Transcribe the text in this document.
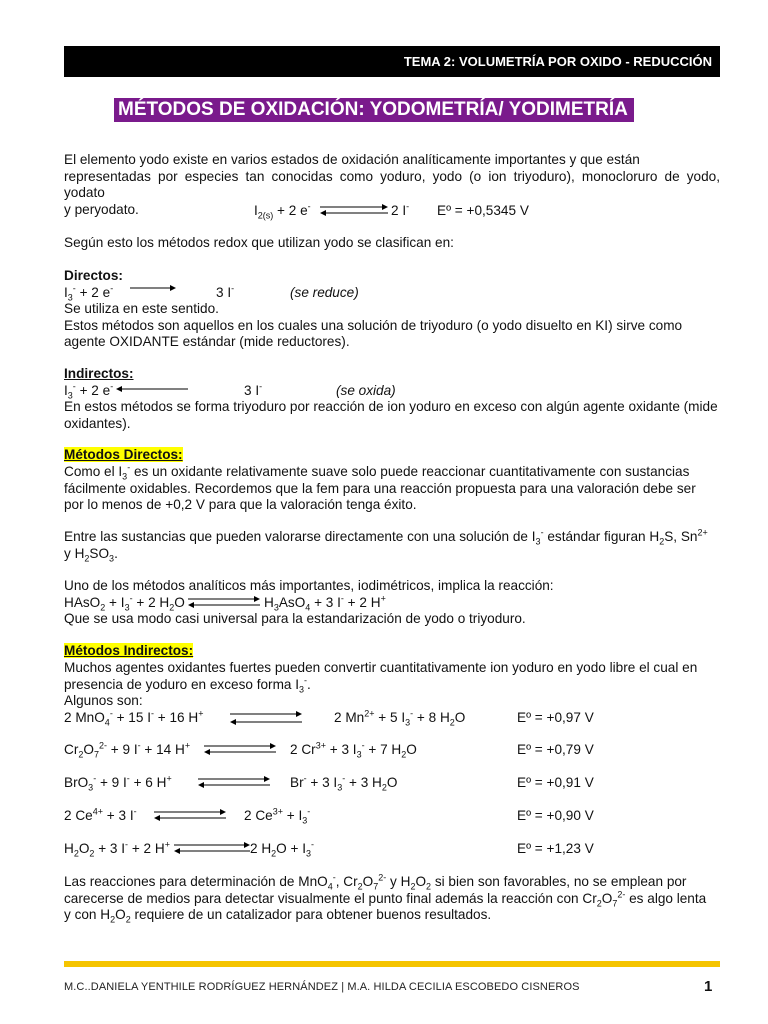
TEMA 2: VOLUMETRÍA POR OXIDO - REDUCCIÓN
MÉTODOS DE OXIDACIÓN: YODOMETRÍA/ YODIMETRÍA
El elemento yodo existe en varios estados de oxidación analíticamente importantes y que están
representadas por especies tan conocidas como yoduro, yodo (o ion triyoduro), monocloruro de yodo, yodato
y peryodato.	$I_{2(s)} + 2$ e-	2 I- Eº = +0,5345 V
Según esto los métodos redox que utilizan yodo se clasifican en:
Directos:
$I_3^- + 2$ e-	3 I-	(se reduce)
Se utiliza en este sentido.
Estos métodos son aquellos en los cuales una solución de triyoduro (o yodo disuelto en KI) sirve como
agente OXIDANTE estándar (mide reductores).
Indirectos:
$I_3^- + 2$ e-	3 I-	(se oxida)
En estos métodos se forma triyoduro por reacción de ion yoduro en exceso con algún agente oxidante (mide
oxidantes).
Métodos Directos:
Como el $I_3^-$ es un oxidante relativamente suave solo puede reaccionar cuantitativamente con sustancias
fácilmente oxidables. Recordemos que la fem para una reacción propuesta para una valoración debe ser
por lo menos de +0,2 V para que la valoración tenga éxito.
Entre las sustancias que pueden valorarse directamente con una solución de $I_3^-$ estándar figuran $H_2S$, $Sn^{2+}$
y $H_2SO_3$.
Uno de los métodos analíticos más importantes, iodimétricos, implica la reacción:
HAsO$_2$ + $I_3^- + 2$ $H_2O$	$H_3AsO_4 + 3$ I- + 2 H+
Que se usa modo casi universal para la estandarización de yodo o triyoduro.
Métodos Indirectos:
Muchos agentes oxidantes fuertes pueden convertir cuantitativamente ion yoduro en yodo libre el cual en
presencia de yoduro en exceso forma $I_3^-$.
Algunos son:
2 MnO$_4$- + 15 I- + 16 H+	2 $Mn^{2+} + 5$ $I_3^- + 8$ $H_2O$	Eº = +0,97 V
$Cr_2O_7^{2-} + 9$ I- + 14 H+	2 $Cr^{3+} + 3$ $I_3^- + 7$ $H_2O$	Eº = +0,79 V
BrO$_3$- + 9 I- + 6 H+	Br- + 3 $I_3^- + 3$ $H_2O$	Eº = +0,91 V
2 $Ce^{4+} + 3$ I-	2 $Ce^{3+} + I_3^-$	Eº = +0,90 V
$H_2O_2 + 3$ I- + 2 H+	2 $H_2O + I_3^-$	Eº = +1,23 V
Las reacciones para determinación de MnO$_4$-, $Cr_2O_7^{2-}$ y $H_2O_2$ si bien son favorables, no se emplean por
carecerse de medios para detectar visualmente el punto final además la reacción con $Cr_2O_7^{2-}$ es algo lenta
y con $H_2O_2$ requiere de un catalizador para obtener buenos resultados.
M.C..DANIELA YENTHILE RODRÍGUEZ HERNÁNDEZ | M.A. HILDA CECILIA ESCOBEDO CISNEROS	1
